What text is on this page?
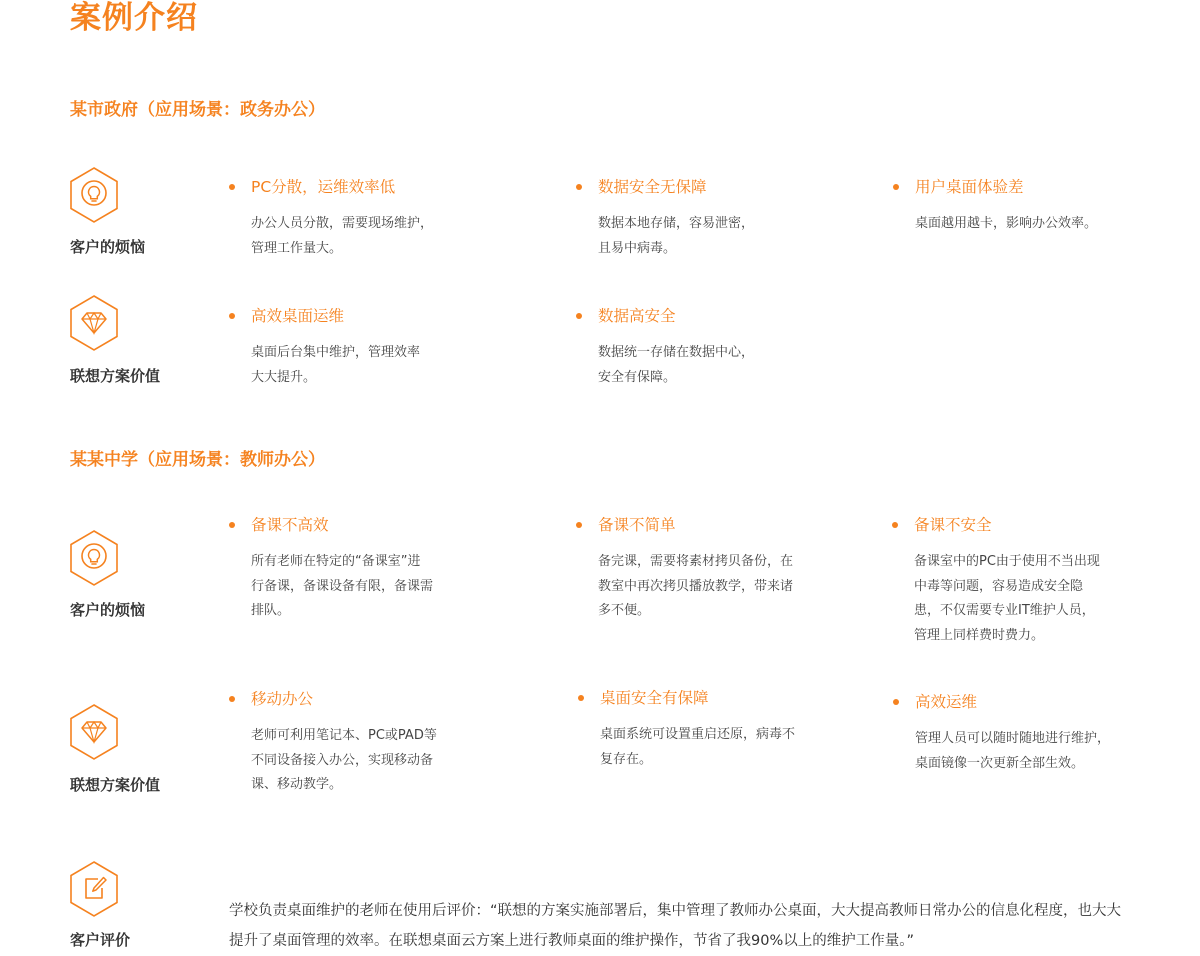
案例介绍
某市政府（应用场景：政务办公）
客户的烦恼
PC分散，运维效率低
办公人员分散，需要现场维护，
管理工作量大。
数据安全无保障
数据本地存储，容易泄密，
且易中病毒。
用户桌面体验差
桌面越用越卡，影响办公效率。
联想方案价值
高效桌面运维
桌面后台集中维护，管理效率
大大提升。
数据高安全
数据统一存储在数据中心，
安全有保障。
某某中学（应用场景：教师办公）
客户的烦恼
备课不高效
所有老师在特定的“备课室”进
行备课，备课设备有限，备课需
排队。
备课不简单
备完课，需要将素材拷贝备份，在
教室中再次拷贝播放教学，带来诸
多不便。
备课不安全
备课室中的PC由于使用不当出现
中毒等问题，容易造成安全隐
患，不仅需要专业IT维护人员，
管理上同样费时费力。
联想方案价值
移动办公
老师可利用笔记本、PC或PAD等
不同设备接入办公，实现移动备
课、移动教学。
桌面安全有保障
桌面系统可设置重启还原，病毒不
复存在。
高效运维
管理人员可以随时随地进行维护，
桌面镜像一次更新全部生效。
客户评价
学校负责桌面维护的老师在使用后评价：“联想的方案实施部署后，集中管理了教师办公桌面，大大提高教师日常办公的信息化程度，也大大提升了桌面管理的效率。在联想桌面云方案上进行教师桌面的维护操作，节省了我90%以上的维护工作量。”
